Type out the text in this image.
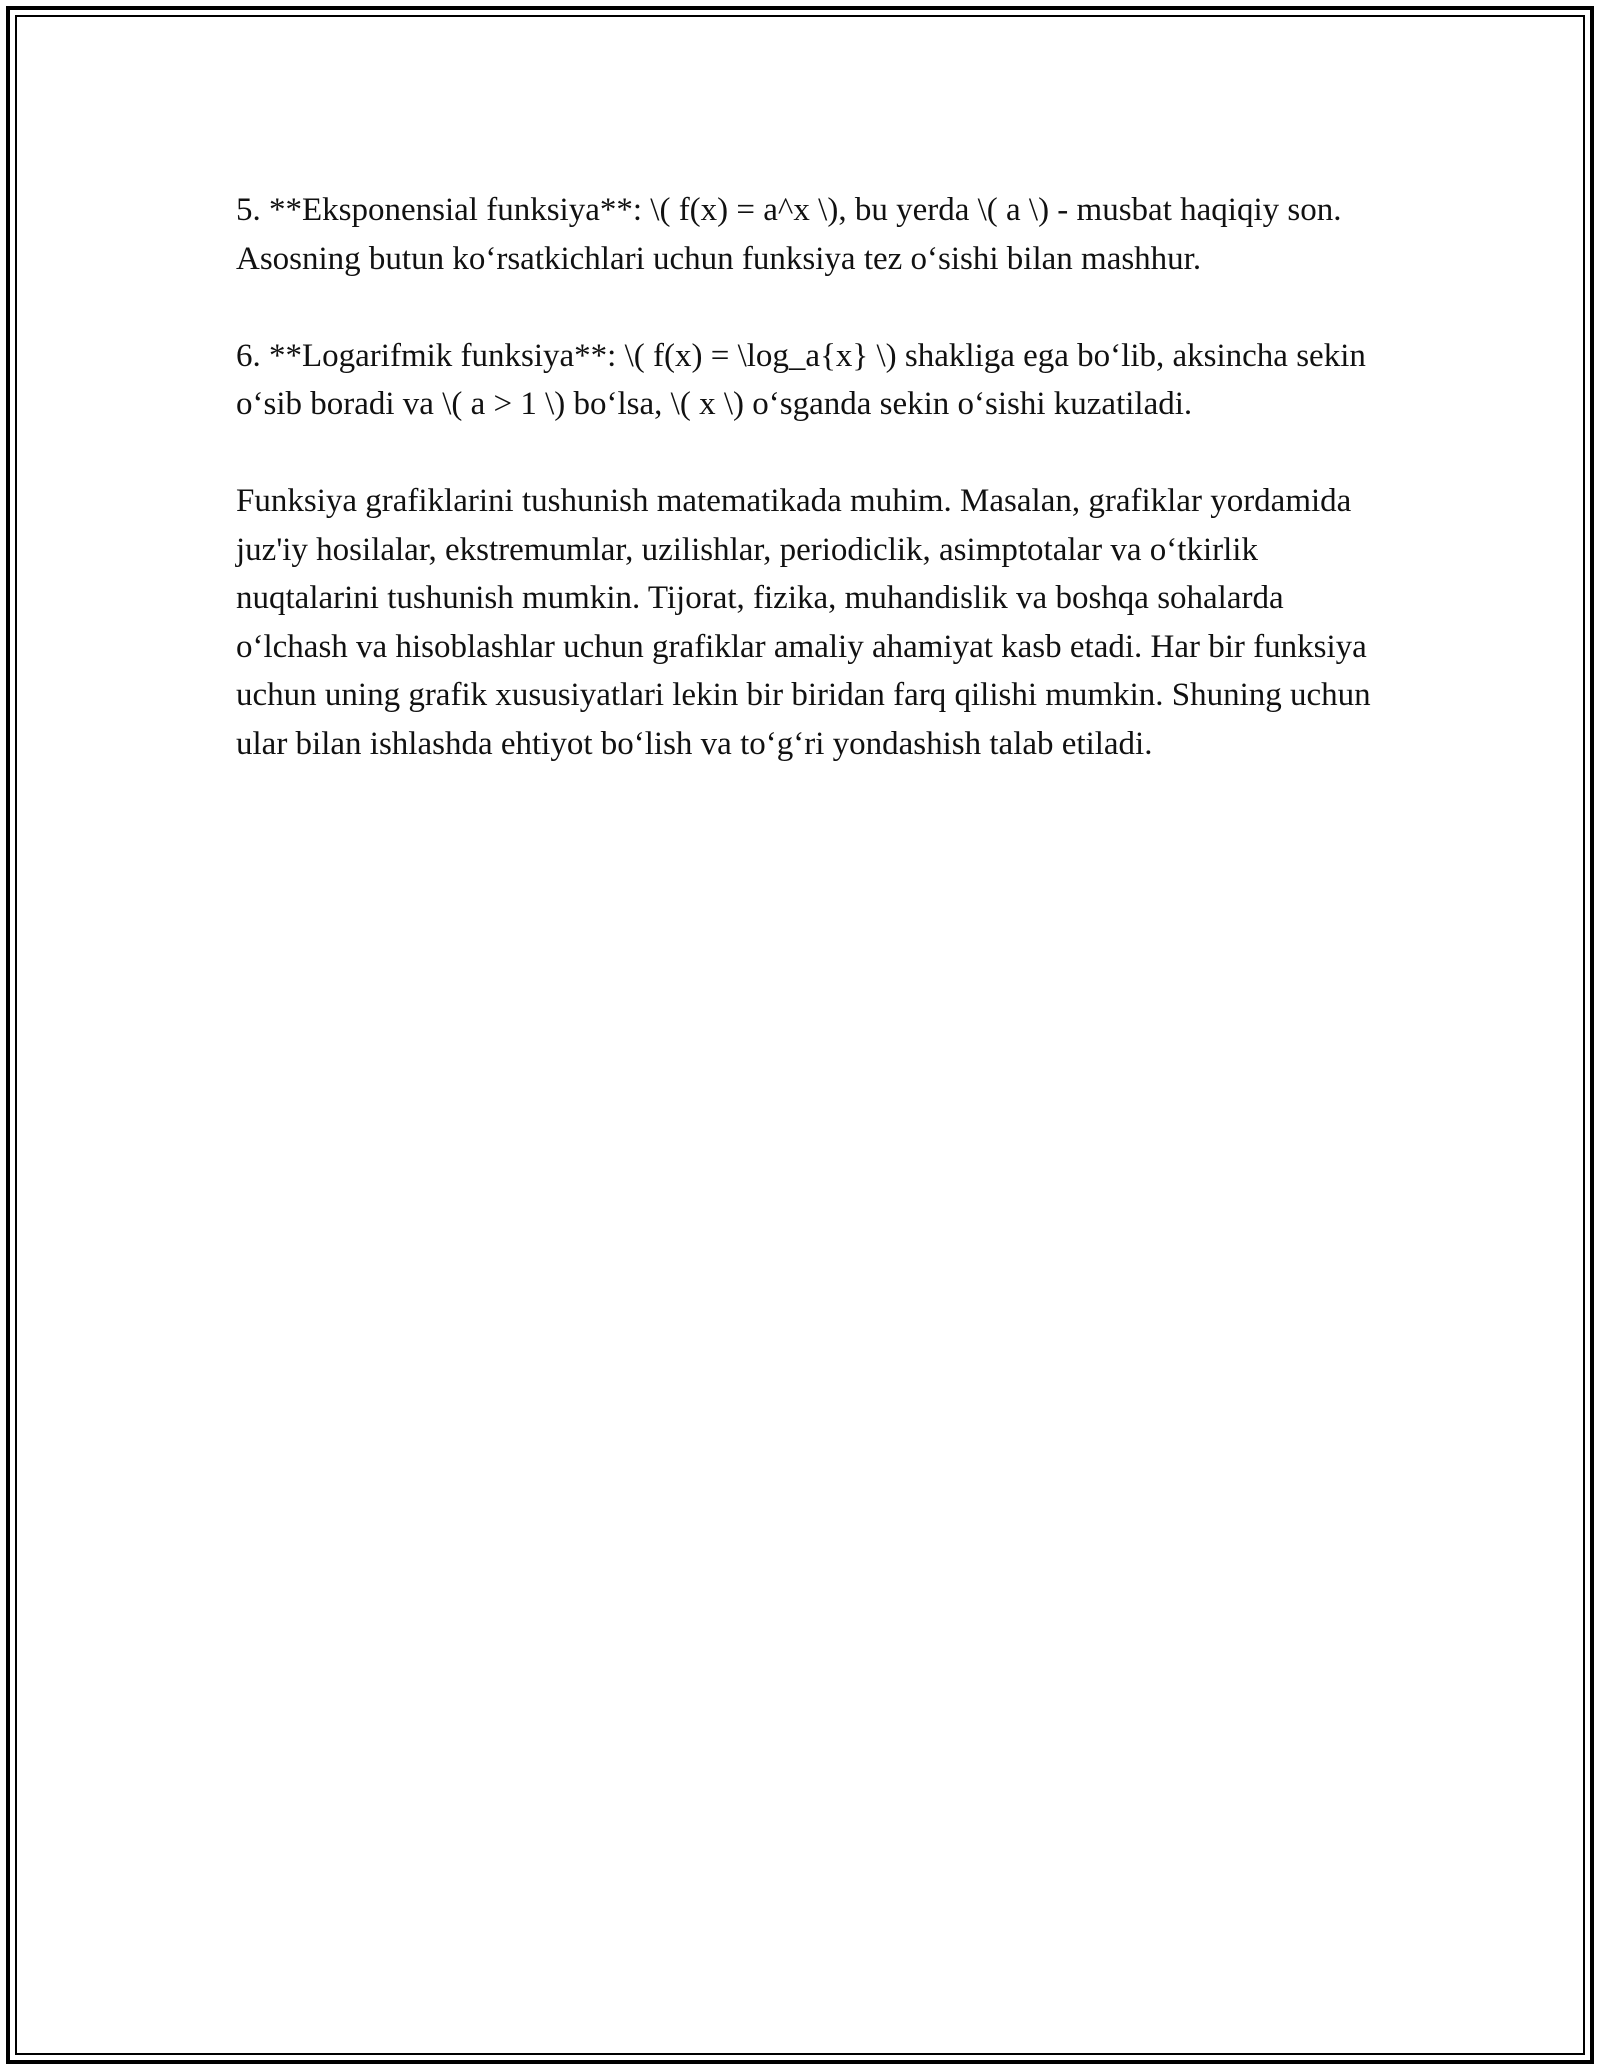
5. **Eksponensial funksiya**: \( f(x) = a^x \), bu yerda \( a \) - musbat haqiqiy son. Asosning butun koʻrsatkichlari uchun funksiya tez oʻsishi bilan mashhur.

6. **Logarifmik funksiya**: \( f(x) = \log_a{x} \) shakliga ega boʻlib, aksincha sekin oʻsib boradi va \( a > 1 \) boʻlsa, \( x \) oʻsganda sekin oʻsishi kuzatiladi.

Funksiya grafiklarini tushunish matematikada muhim. Masalan, grafiklar yordamida juz'iy hosilalar, ekstremumlar, uzilishlar, periodiclik, asimptotalar va oʻtkirlik nuqtalarini tushunish mumkin. Tijorat, fizika, muhandislik va boshqa sohalarda oʻlchash va hisoblashlar uchun grafiklar amaliy ahamiyat kasb etadi. Har bir funksiya uchun uning grafik xususiyatlari lekin bir biridan farq qilishi mumkin. Shuning uchun ular bilan ishlashda ehtiyot boʻlish va toʻgʻri yondashish talab etiladi.
